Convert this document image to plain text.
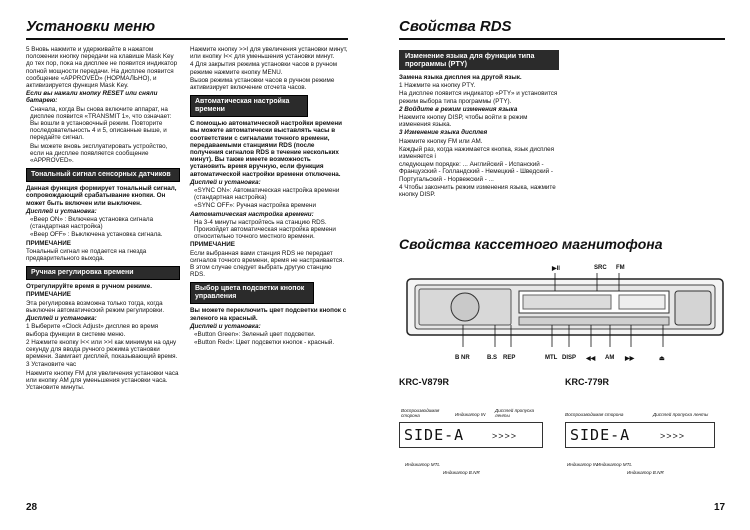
Установки меню

5 Вновь нажмите и удерживайте в нажатом положении кнопку передачи на клавише Mask Key до тех пор, пока на дисплее не появится индикатор полной мощности передачи. На дисплее появится сообщение «APPROVED» (НОРМАЛЬНО), и активизируется функция Mask Key.

Если вы нажали кнопку RESET или сняли батарею:

Сначала, когда Вы снова включите аппарат, на дисплее появится «TRANSMIT 1», что означает: Вы вошли в установочный режим. Повторите последовательность 4 и 5, описанные выше, и передайте сигнал.

Вы можете вновь эксплуатировать устройство, если на дисплее появляется сообщение «APPROVED».

Тональный сигнал сенсорных датчиков

Данная функция формирует тональный сигнал, сопровождающий срабатывание кнопки. Он может быть включен или выключен.

Дисплей и установка:

«Beep ON» : Включена установка сигнала (стандартная настройка)

«Beep OFF» : Выключена установка сигнала.

ПРИМЕЧАНИЕ

Тональный сигнал не подается на гнезда предварительного выхода.

Ручная регулировка времени

Отрегулируйте время в ручном режиме.

ПРИМЕЧАНИЕ

Эта регулировка возможна только тогда, когда выключен автоматический режим регулировки.

Дисплей и установка:

1 Выберите «Clock Adjust» дисплея во время выбора функции в системе меню.

2 Нажмите кнопку I<< или >>I как минимум на одну секунду для ввода ручного режима установки времени. Замигает дисплей, показывающий время.

3 Установите час

Нажмите кнопку FM для увеличения установки часа или кнопку AM для уменьшения установки часа. Установите минуты.

Нажмите кнопку >>I для увеличения установки минут, или кнопку I<< для уменьшения установки минут.

4 Для закрытия режима установки часов в ручном режиме нажмите кнопку MENU.

Вызов режима установки часов в ручном режиме активизирует включение отсчета часов.

Автоматическая настройка времени

С помощью автоматической настройки времени вы можете автоматически выставлять часы в соответствии с сигналами точного времени, передаваемыми станциями RDS (после получения сигналов RDS в течение нескольких минут). Вы также имеете возможность установить время вручную, если функция автоматической настройки времени отключена.

Дисплей и установка:

«SYNC ON»: Автоматическая настройка времени (стандартная настройка)

«SYNC OFF»: Ручная настройка времени

Автоматическая настройка времени:

На 3-4 минуты настройтесь на станцию RDS. Произойдет автоматическая настройка времени относительно точного местного времени.

ПРИМЕЧАНИЕ

Если выбранная вами станция RDS не передает сигналов точного времени, время не настраивается. В этом случае следует выбрать другую станцию RDS.

Выбор цвета подсветки кнопок управления

Вы можете переключить цвет подсветки кнопок с зеленого на красный.

Дисплей и установка:

«Button Green»: Зеленый цвет подсветки.

«Button Red»: Цвет подсветки кнопок - красный.

28
Свойства RDS
Изменение языка для функции типа программы (PTY)

Замена языка дисплея на другой язык.

1 Нажмите на кнопку PTY.

На дисплее появится индикатор «PTY» и установится режим выбора типа программы (PTY).

2 Войдите в режим изменения языка

Нажмите кнопку DISP, чтобы войти в режим изменения языка.

3 Изменение языка дисплея

Нажмите кнопку FM или AM.

Каждый раз, когда нажимается кнопка, язык дисплея изменяется і

следующем порядке: ... Английский - Испанский - Французский - Голландский - Немецкий - Шведский - Португальский - Норвежский - ...

4 Чтобы закончить режим изменения языка, нажмите кнопку DISP.

Свойства кассетного магнитофона
▶II	SRC FM
B NR	B.S REP	MTL DISP ◀◀ AM ▶▶	⏏
KRC-V879R	KRC-779R
Воспроизводимая сторона	Индикатор IN
Дисплей пропуска ленты
SIDE-A	>>>>
Индикатор MTL
Индикатор B.NR
Воспроизводимая сторона	Дисплей пропуска ленты
SIDE-A	>>>>
Индикатор IN Индикатор MTL
Индикатор B.NR
17
